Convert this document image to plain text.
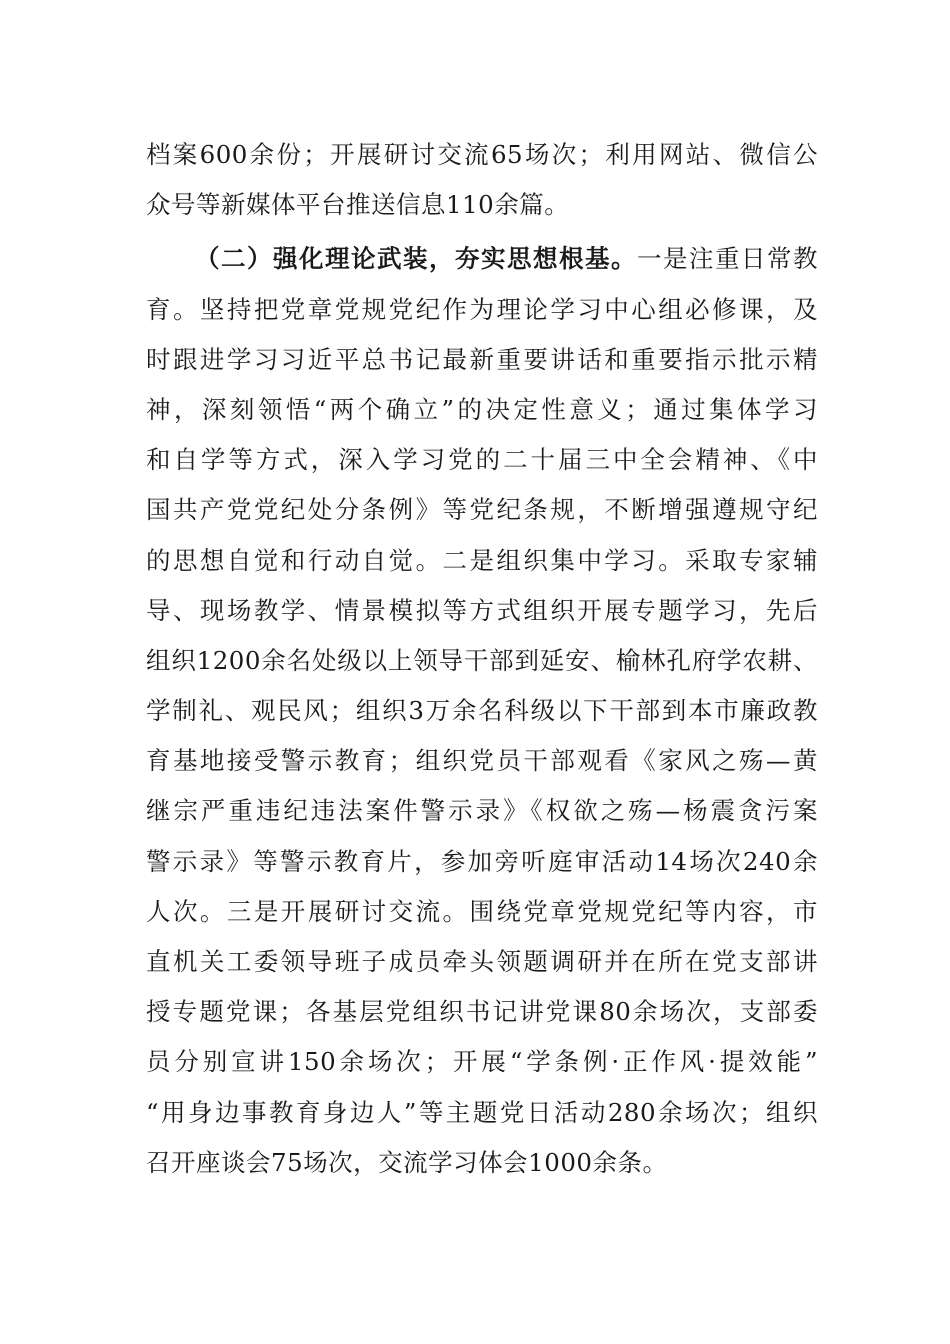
档案600余份；开展研讨交流65场次；利用网站、微信公
众号等新媒体平台推送信息110余篇。
（二）强化理论武装，夯实思想根基。一是注重日常教
育。坚持把党章党规党纪作为理论学习中心组必修课，及
时跟进学习习近平总书记最新重要讲话和重要指示批示精
神，深刻领悟“两个确立”的决定性意义；通过集体学习
和自学等方式，深入学习党的二十届三中全会精神、《中
国共产党党纪处分条例》等党纪条规，不断增强遵规守纪
的思想自觉和行动自觉。二是组织集中学习。采取专家辅
导、现场教学、情景模拟等方式组织开展专题学习，先后
组织1200余名处级以上领导干部到延安、榆林孔府学农耕、
学制礼、观民风；组织3万余名科级以下干部到本市廉政教
育基地接受警示教育；组织党员干部观看《家风之殇—黄
继宗严重违纪违法案件警示录》《权欲之殇—杨震贪污案
警示录》等警示教育片，参加旁听庭审活动14场次240余
人次。三是开展研讨交流。围绕党章党规党纪等内容，市
直机关工委领导班子成员牵头领题调研并在所在党支部讲
授专题党课；各基层党组织书记讲党课80余场次，支部委
员分别宣讲150余场次；开展“学条例·正作风·提效能”
“用身边事教育身边人”等主题党日活动280余场次；组织
召开座谈会75场次，交流学习体会1000余条。
